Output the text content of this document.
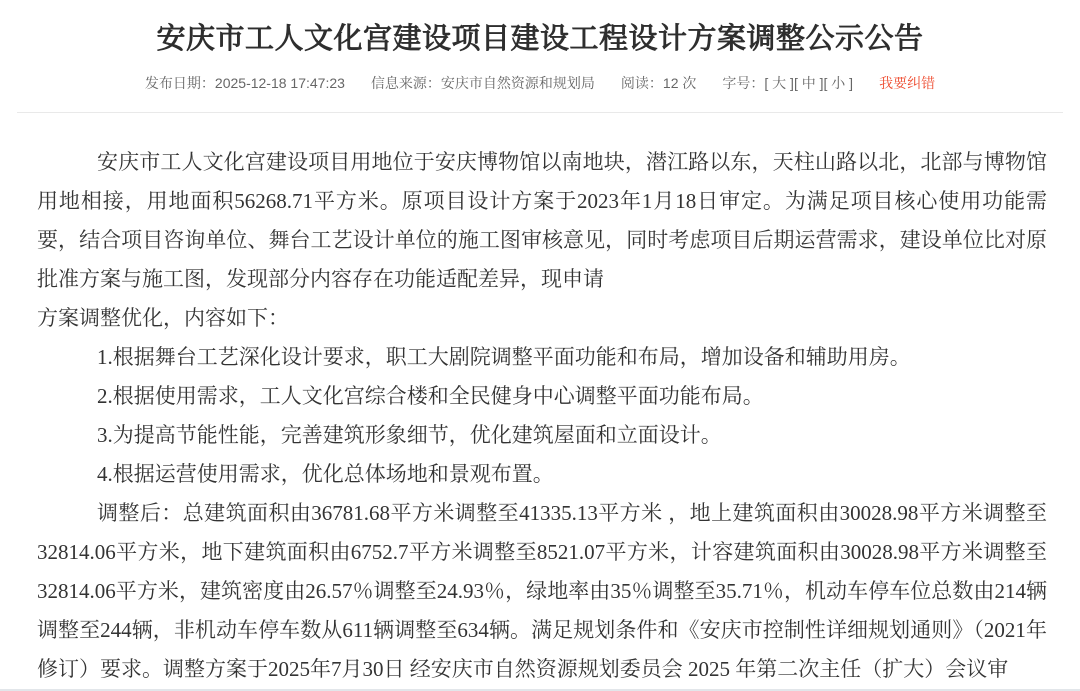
安庆市工人文化宫建设项目建设工程设计方案调整公示公告
发布日期：2025-12-18 17:47:23 信息来源：安庆市自然资源和规划局 阅读：12 次 字号： [ 大 ] [ 中 ] [ 小 ] 我要纠错

安庆市工人文化宫建设项目用地位于安庆博物馆以南地块，潜江路以东，天柱山路以北，北部与博物馆用地相接，用地面积56268.71平方米。原项目设计方案于2023年1月18日审定。为满足项目核心使用功能需要，结合项目咨询单位、舞台工艺设计单位的施工图审核意见，同时考虑项目后期运营需求，建设单位比对原批准方案与施工图，发现部分内容存在功能适配差异，现申请

方案调整优化，内容如下：

1.根据舞台工艺深化设计要求，职工大剧院调整平面功能和布局，增加设备和辅助用房。

2.根据使用需求，工人文化宫综合楼和全民健身中心调整平面功能布局。

3.为提高节能性能，完善建筑形象细节，优化建筑屋面和立面设计。

4.根据运营使用需求，优化总体场地和景观布置。

调整后：总建筑面积由36781.68平方米调整至41335.13平方米 ，地上建筑面积由30028.98平方米调整至32814.06平方米，地下建筑面积由6752.7平方米调整至8521.07平方米，计容建筑面积由30028.98平方米调整至32814.06平方米，建筑密度由26.57％调整至24.93％，绿地率由35％调整至35.71％，机动车停车位总数由214辆调整至244辆，非机动车停车数从611辆调整至634辆。满足规划条件和《安庆市控制性详细规划通则》（2021年修订）要求。调整方案于2025年7月30日 经安庆市自然资源规划委员会 2025 年第二次主任（扩大）会议审
